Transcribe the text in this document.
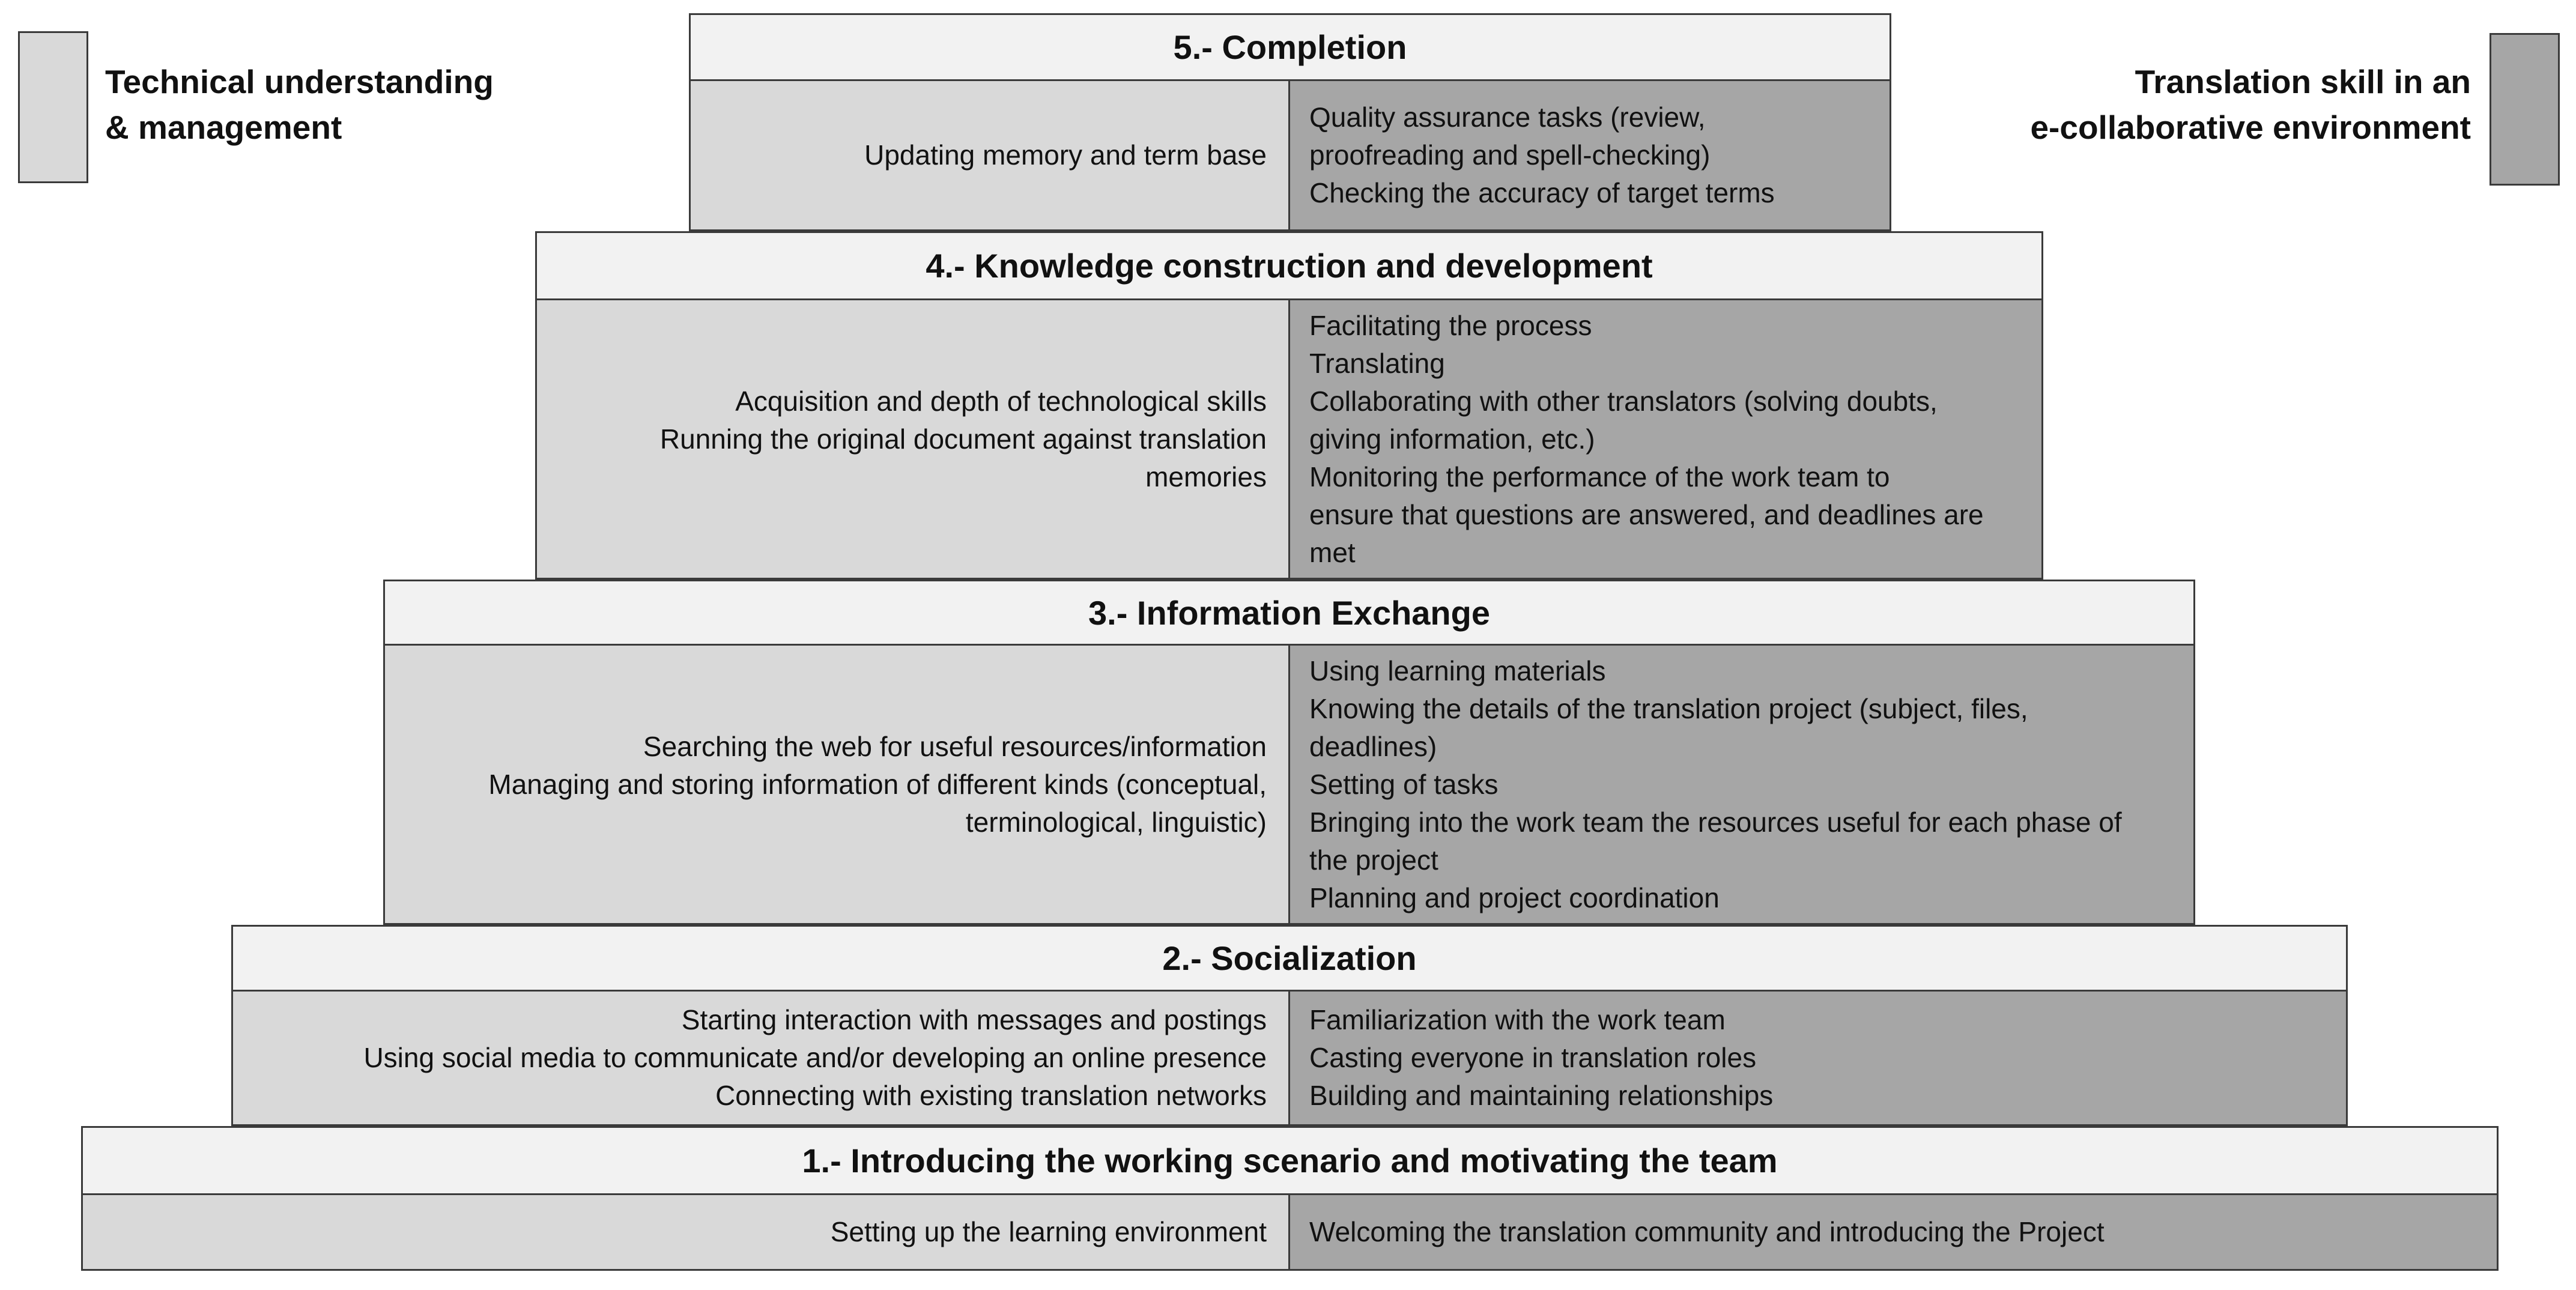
Technical understanding
& management
Translation skill in an
e-collaborative environment
5.- Completion
Updating memory and term base
Quality assurance tasks (review,
proofreading and spell-checking)
Checking the accuracy of target terms
4.- Knowledge construction and development
Acquisition and depth of technological skills
Running the original document against translation
memories
Facilitating the process
Translating
Collaborating with other translators (solving doubts,
giving information, etc.)
Monitoring the performance of the work team to
ensure that questions are answered, and deadlines are
met
3.- Information Exchange
Searching the web for useful resources/information
Managing and storing information of different kinds (conceptual,
terminological, linguistic)
Using learning materials
Knowing the details of the translation project (subject, files,
deadlines)
Setting of tasks
Bringing into the work team the resources useful for each phase of
the project
Planning and project coordination
2.- Socialization
Starting interaction with messages and postings
Using social media to communicate and/or developing an online presence
Connecting with existing translation networks
Familiarization with the work team
Casting everyone in translation roles
Building and maintaining relationships
1.- Introducing the working scenario and motivating the team
Setting up the learning environment Welcoming the translation community and introducing the Project
